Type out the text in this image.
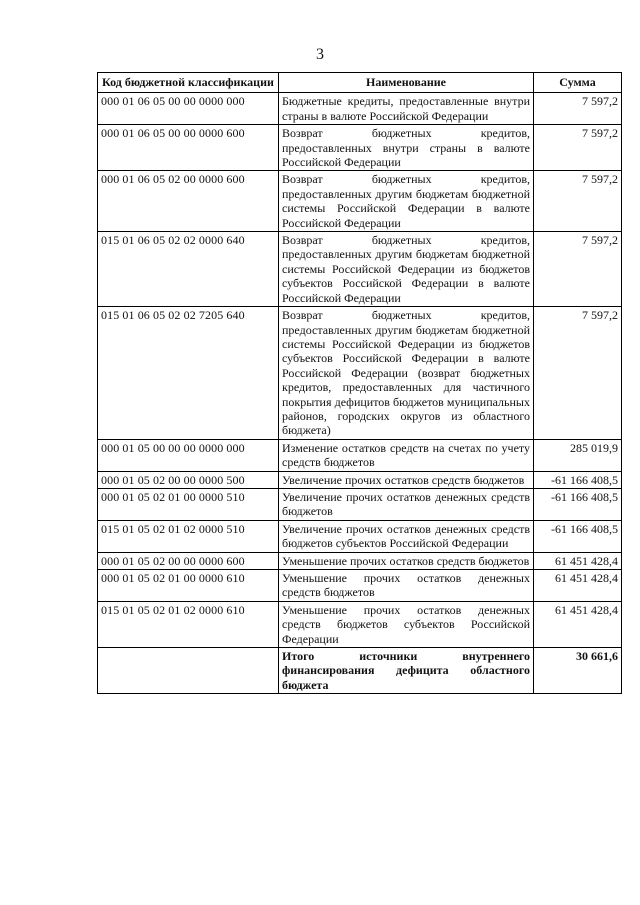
3
Код бюджетной классификации	Наименование	Сумма
000 01 06 05 00 00 0000 000	Бюджетные кредиты, предоставленные внутри страны в валюте Российской Федерации	7 597,2
000 01 06 05 00 00 0000 600	Возврат бюджетных кредитов, предоставленных внутри страны в валюте Российской Федерации	7 597,2
000 01 06 05 02 00 0000 600	Возврат бюджетных кредитов, предоставленных другим бюджетам бюджетной системы Российской Федерации в валюте Российской Федерации	7 597,2
015 01 06 05 02 02 0000 640	Возврат бюджетных кредитов, предоставленных другим бюджетам бюджетной системы Российской Федерации из бюджетов субъектов Российской Федерации в валюте Российской Федерации	7 597,2
015 01 06 05 02 02 7205 640	Возврат бюджетных кредитов, предоставленных другим бюджетам бюджетной системы Российской Федерации из бюджетов субъектов Российской Федерации в валюте Российской Федерации (возврат бюджетных кредитов, предоставленных для частичного покрытия дефицитов бюджетов муниципальных районов, городских округов из областного бюджета)	7 597,2
000 01 05 00 00 00 0000 000	Изменение остатков средств на счетах по учету средств бюджетов	285 019,9
000 01 05 02 00 00 0000 500	Увеличение прочих остатков средств бюджетов	-61 166 408,5
000 01 05 02 01 00 0000 510	Увеличение прочих остатков денежных средств бюджетов	-61 166 408,5
015 01 05 02 01 02 0000 510	Увеличение прочих остатков денежных средств бюджетов субъектов Российской Федерации	-61 166 408,5
000 01 05 02 00 00 0000 600	Уменьшение прочих остатков средств бюджетов	61 451 428,4
000 01 05 02 01 00 0000 610	Уменьшение прочих остатков денежных средств бюджетов	61 451 428,4
015 01 05 02 01 02 0000 610	Уменьшение прочих остатков денежных средств бюджетов субъектов Российской Федерации	61 451 428,4
	Итого источники внутреннего финансирования дефицита областного бюджета	30 661,6
